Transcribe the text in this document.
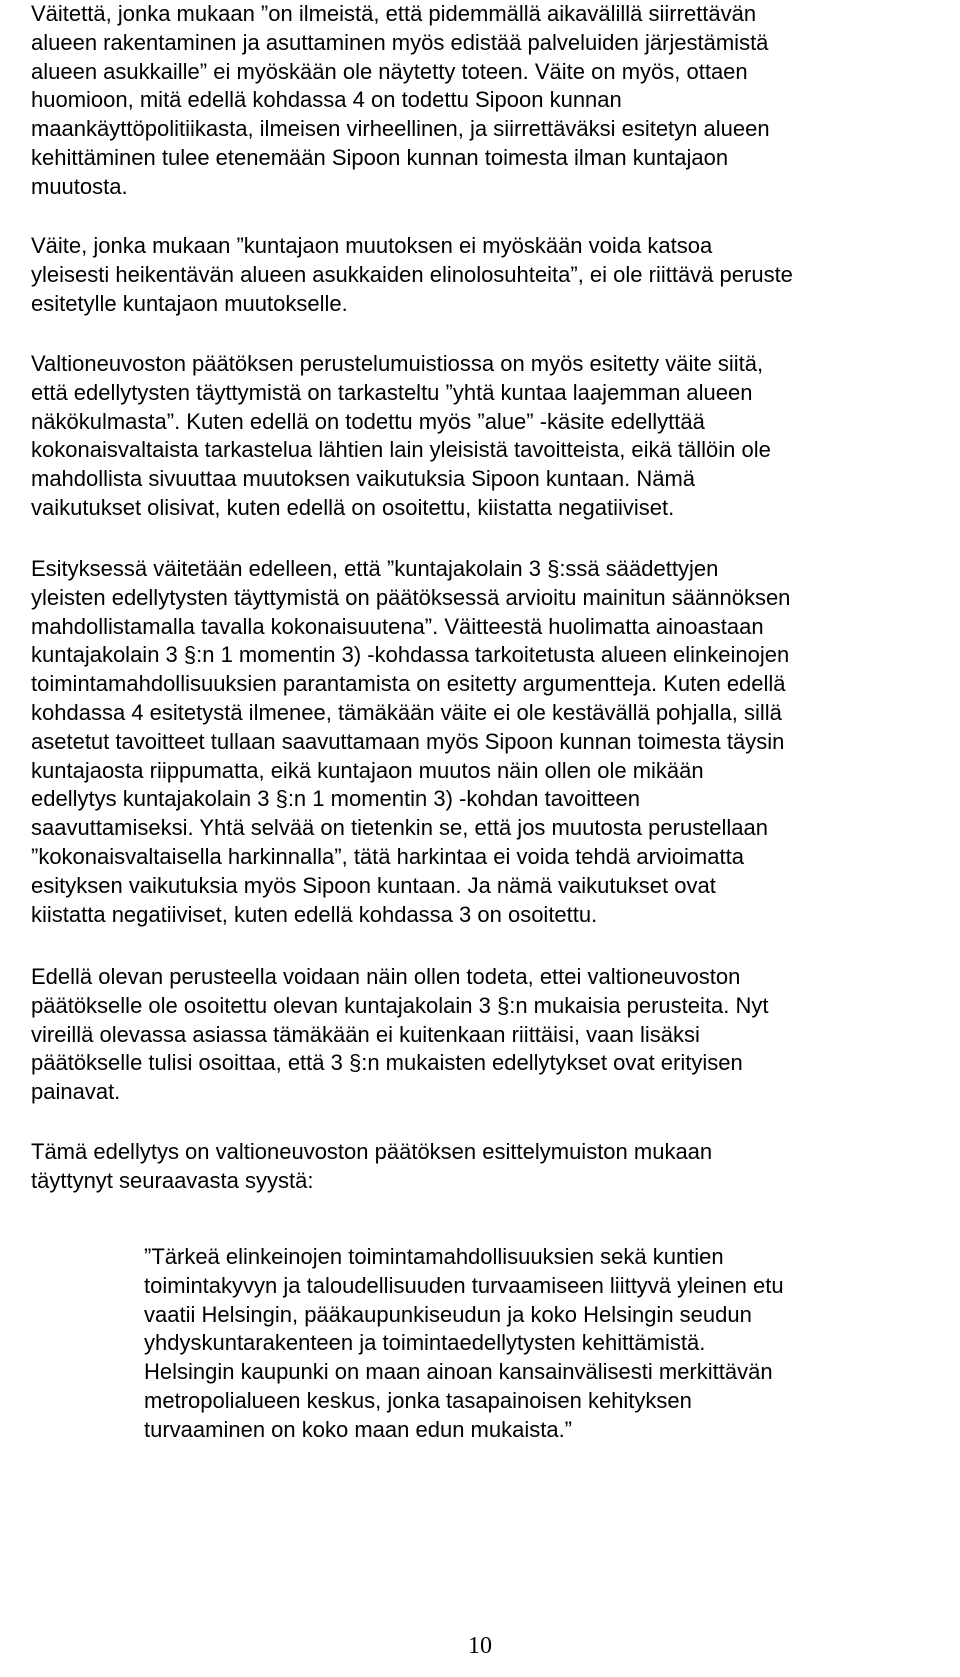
Väitettä, jonka mukaan ”on ilmeistä, että pidemmällä aikavälillä siirrettävän
alueen rakentaminen ja asuttaminen myös edistää palveluiden järjestämistä
alueen asukkaille” ei myöskään ole näytetty toteen. Väite on myös, ottaen
huomioon, mitä edellä kohdassa 4 on todettu Sipoon kunnan
maankäyttöpolitiikasta, ilmeisen virheellinen, ja siirrettäväksi esitetyn alueen
kehittäminen tulee etenemään Sipoon kunnan toimesta ilman kuntajaon
muutosta.

Väite, jonka mukaan ”kuntajaon muutoksen ei myöskään voida katsoa
yleisesti heikentävän alueen asukkaiden elinolosuhteita”, ei ole riittävä peruste
esitetylle kuntajaon muutokselle.

Valtioneuvoston päätöksen perustelumuistiossa on myös esitetty väite siitä,
että edellytysten täyttymistä on tarkasteltu ”yhtä kuntaa laajemman alueen
näkökulmasta”. Kuten edellä on todettu myös ”alue” -käsite edellyttää
kokonaisvaltaista tarkastelua lähtien lain yleisistä tavoitteista, eikä tällöin ole
mahdollista sivuuttaa muutoksen vaikutuksia Sipoon kuntaan. Nämä
vaikutukset olisivat, kuten edellä on osoitettu, kiistatta negatiiviset.

Esityksessä väitetään edelleen, että ”kuntajakolain 3 §:ssä säädettyjen
yleisten edellytysten täyttymistä on päätöksessä arvioitu mainitun säännöksen
mahdollistamalla tavalla kokonaisuutena”. Väitteestä huolimatta ainoastaan
kuntajakolain 3 §:n 1 momentin 3) -kohdassa tarkoitetusta alueen elinkeinojen
toimintamahdollisuuksien parantamista on esitetty argumentteja. Kuten edellä
kohdassa 4 esitetystä ilmenee, tämäkään väite ei ole kestävällä pohjalla, sillä
asetetut tavoitteet tullaan saavuttamaan myös Sipoon kunnan toimesta täysin
kuntajaosta riippumatta, eikä kuntajaon muutos näin ollen ole mikään
edellytys kuntajakolain 3 §:n 1 momentin 3) -kohdan tavoitteen
saavuttamiseksi. Yhtä selvää on tietenkin se, että jos muutosta perustellaan
”kokonaisvaltaisella harkinnalla”, tätä harkintaa ei voida tehdä arvioimatta
esityksen vaikutuksia myös Sipoon kuntaan. Ja nämä vaikutukset ovat
kiistatta negatiiviset, kuten edellä kohdassa 3 on osoitettu.

Edellä olevan perusteella voidaan näin ollen todeta, ettei valtioneuvoston
päätökselle ole osoitettu olevan kuntajakolain 3 §:n mukaisia perusteita. Nyt
vireillä olevassa asiassa tämäkään ei kuitenkaan riittäisi, vaan lisäksi
päätökselle tulisi osoittaa, että 3 §:n mukaisten edellytykset ovat erityisen
painavat.

Tämä edellytys on valtioneuvoston päätöksen esittelymuiston mukaan
täyttynyt seuraavasta syystä:

”Tärkeä elinkeinojen toimintamahdollisuuksien sekä kuntien
toimintakyvyn ja taloudellisuuden turvaamiseen liittyvä yleinen etu
vaatii Helsingin, pääkaupunkiseudun ja koko Helsingin seudun
yhdyskuntarakenteen ja toimintaedellytysten kehittämistä.
Helsingin kaupunki on maan ainoan kansainvälisesti merkittävän
metropolialueen keskus, jonka tasapainoisen kehityksen
turvaaminen on koko maan edun mukaista.”

10
